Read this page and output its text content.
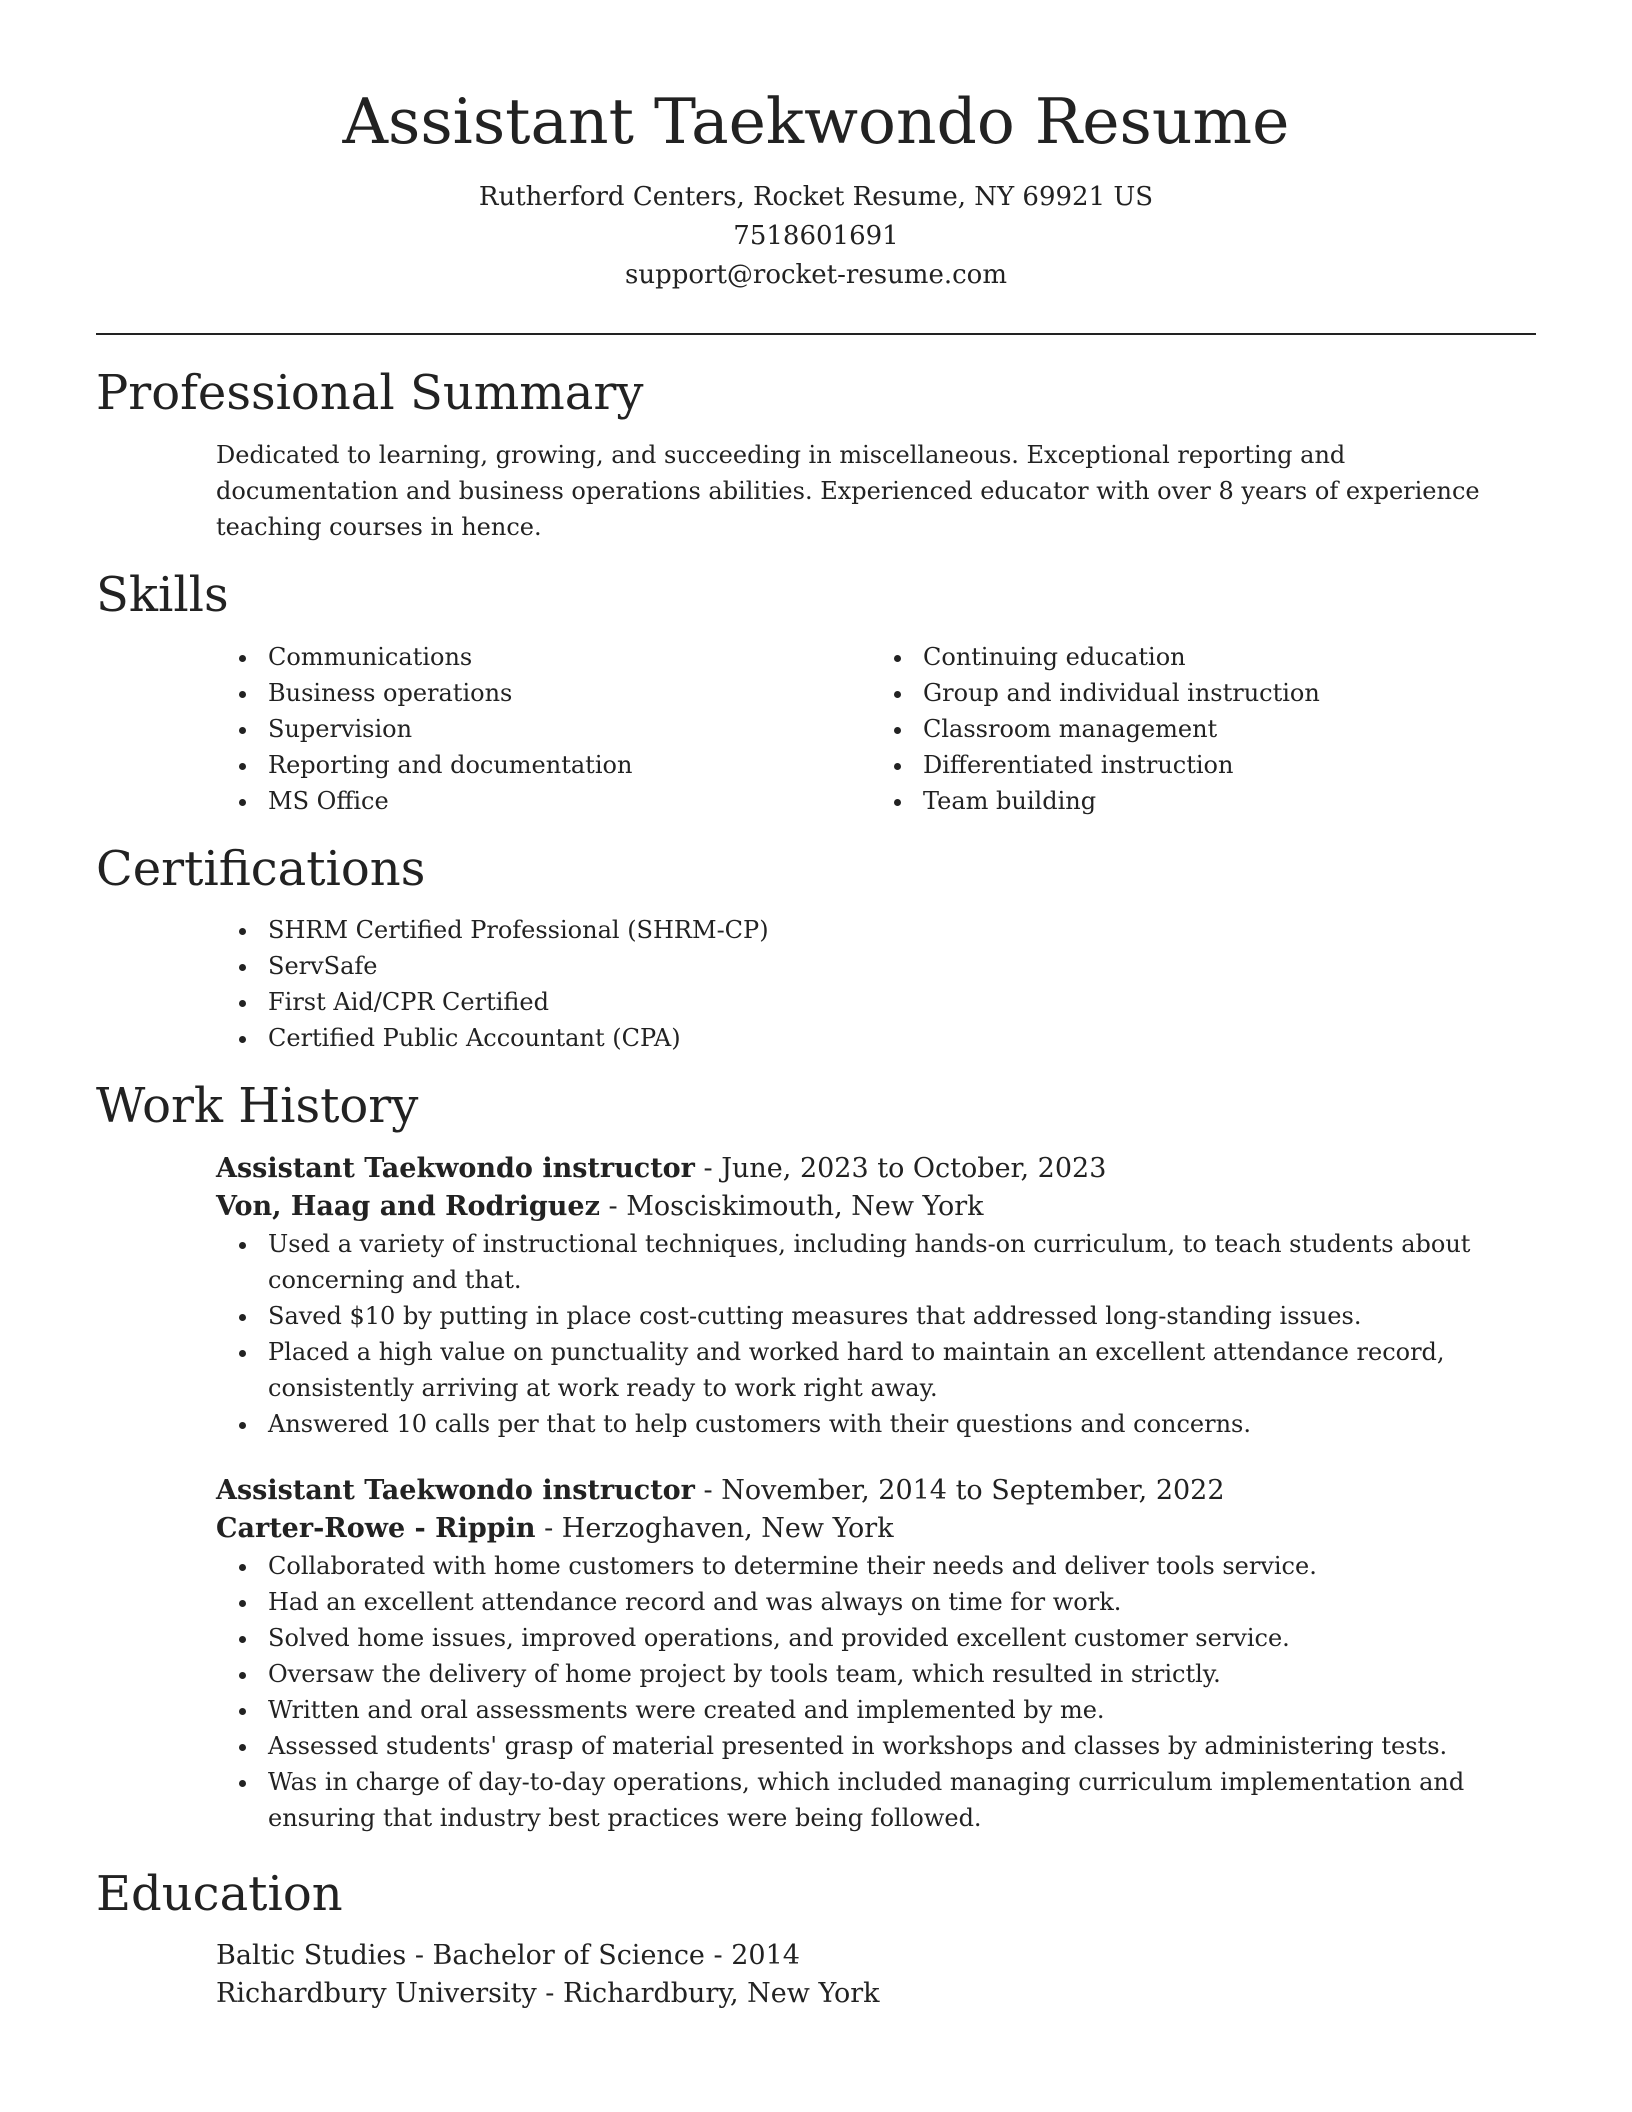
Assistant Taekwondo Resume

Rutherford Centers, Rocket Resume, NY 69921 US

7518601691

support@rocket-resume.com

Professional Summary

Dedicated to learning, growing, and succeeding in miscellaneous. Exceptional reporting and documentation and business operations abilities. Experienced educator with over 8 years of experience teaching courses in hence.

Skills
• Communications
• Business operations
• Supervision
• Reporting and documentation
• MS Office
• Continuing education
• Group and individual instruction
• Classroom management
• Differentiated instruction
• Team building
Certifications
• SHRM Certified Professional (SHRM-CP)
• ServSafe
• First Aid/CPR Certified
• Certified Public Accountant (CPA)
Work History
Assistant Taekwondo instructor - June, 2023 to October, 2023
Von, Haag and Rodriguez - Mosciskimouth, New York
• Used a variety of instructional techniques, including hands-on curriculum, to teach students about concerning and that.
• Saved $10 by putting in place cost-cutting measures that addressed long-standing issues.
• Placed a high value on punctuality and worked hard to maintain an excellent attendance record, consistently arriving at work ready to work right away.
• Answered 10 calls per that to help customers with their questions and concerns.
Assistant Taekwondo instructor - November, 2014 to September, 2022
Carter-Rowe - Rippin - Herzoghaven, New York
• Collaborated with home customers to determine their needs and deliver tools service.
• Had an excellent attendance record and was always on time for work.
• Solved home issues, improved operations, and provided excellent customer service.
• Oversaw the delivery of home project by tools team, which resulted in strictly.
• Written and oral assessments were created and implemented by me.
• Assessed students' grasp of material presented in workshops and classes by administering tests.
• Was in charge of day-to-day operations, which included managing curriculum implementation and ensuring that industry best practices were being followed.
Education
Baltic Studies - Bachelor of Science - 2014
Richardbury University - Richardbury, New York
